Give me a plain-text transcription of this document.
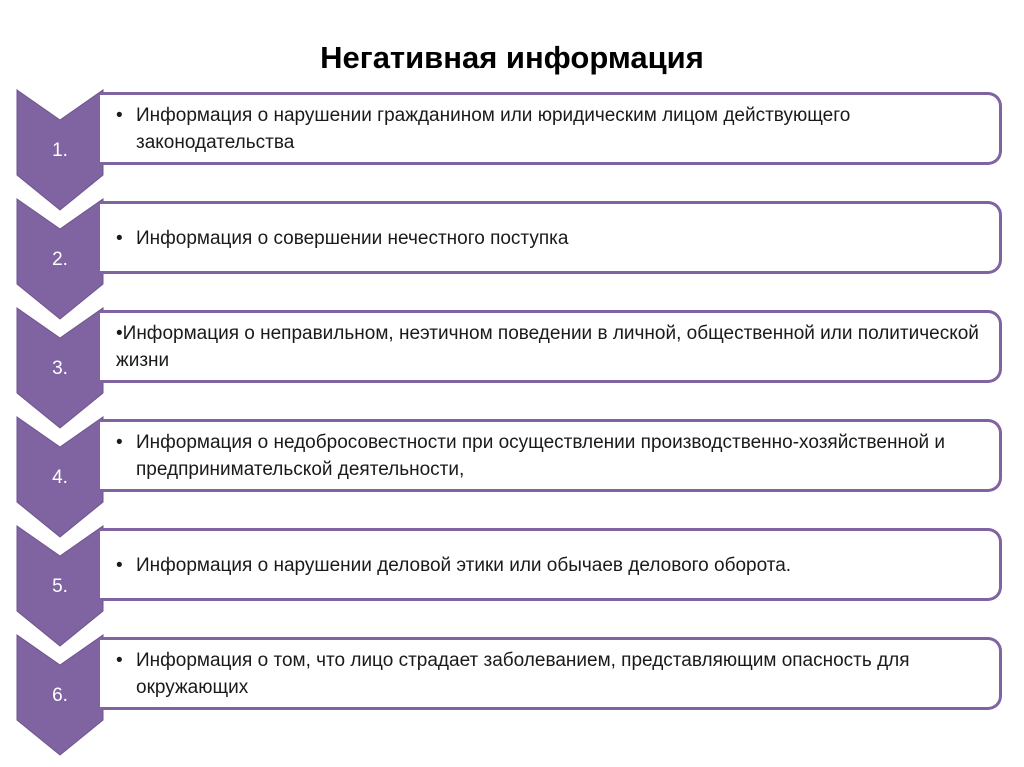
Негативная информация
1.
• Информация о нарушении гражданином или юридическим лицом действующего законодательства
2.
• Информация о совершении нечестного поступка
3.
•Информация о неправильном, неэтичном поведении в личной, общественной или политической жизни
4.
• Информация о недобросовестности при осуществлении производственно-хозяйственной и предпринимательской деятельности,
5.
• Информация о нарушении деловой этики или обычаев делового оборота.
6.
• Информация о том, что лицо страдает заболеванием, представляющим опасность для окружающих
